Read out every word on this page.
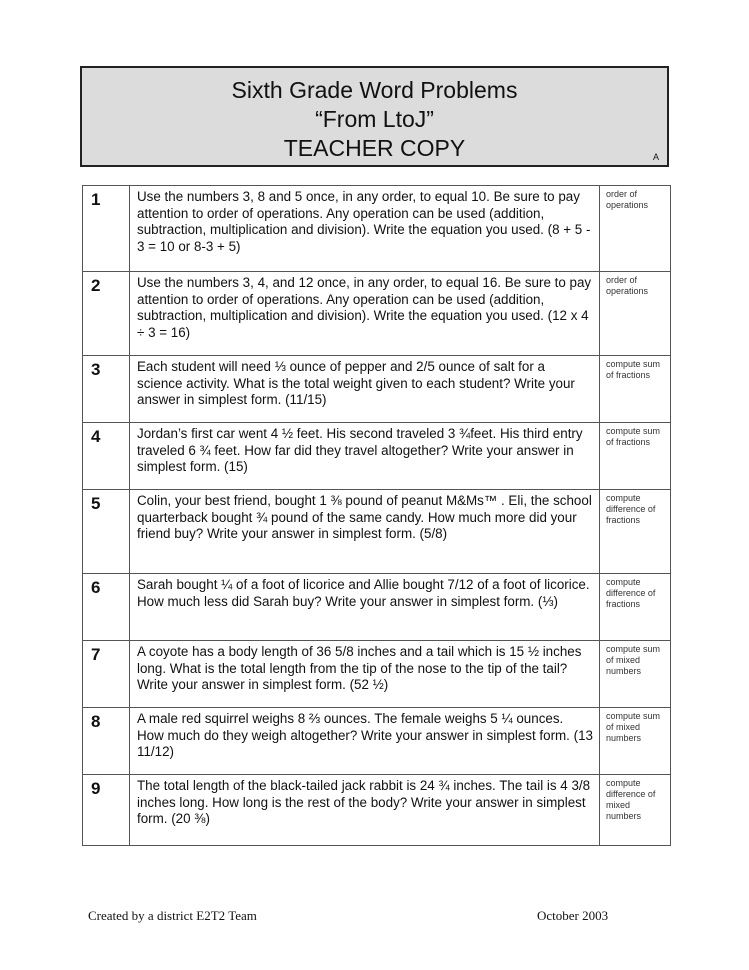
Sixth Grade Word Problems
“From LtoJ”
TEACHER COPY	A
1	Use the numbers 3, 8 and 5 once, in any order, to equal 10. Be sure to pay attention to order of operations. Any operation can be used (addition, subtraction, multiplication and division). Write the equation you used. (8 + 5 - 3 = 10 or 8-3 + 5)	order of operations
2	Use the numbers 3, 4, and 12 once, in any order, to equal 16. Be sure to pay attention to order of operations. Any operation can be used (addition, subtraction, multiplication and division). Write the equation you used. (12 x 4 ÷ 3 = 16)	order of operations
3	Each student will need ⅓ ounce of pepper and 2/5 ounce of salt for a science activity. What is the total weight given to each student? Write your answer in simplest form. (11/15)	compute sum of fractions
4	Jordan’s first car went 4 ½ feet. His second traveled 3 ¾feet. His third entry traveled 6 ¾ feet. How far did they travel altogether? Write your answer in simplest form. (15)	compute sum of fractions
5	Colin, your best friend, bought 1 ⅜ pound of peanut M&Ms™ . Eli, the school quarterback bought ¾ pound of the same candy. How much more did your friend buy? Write your answer in simplest form. (5/8)	compute difference of fractions
6	Sarah bought ¼ of a foot of licorice and Allie bought 7/12 of a foot of licorice. How much less did Sarah buy? Write your answer in simplest form. (⅓)	compute difference of fractions
7	A coyote has a body length of 36 5/8 inches and a tail which is 15 ½ inches long. What is the total length from the tip of the nose to the tip of the tail? Write your answer in simplest form. (52 ½)	compute sum of mixed numbers
8	A male red squirrel weighs 8 ⅔ ounces. The female weighs 5 ¼ ounces. How much do they weigh altogether? Write your answer in simplest form. (13 11/12)	compute sum of mixed numbers
9	The total length of the black-tailed jack rabbit is 24 ¾ inches. The tail is 4 3/8 inches long. How long is the rest of the body? Write your answer in simplest form. (20 ⅜)	compute difference of mixed numbers
Created by a district E2T2 Team	October 2003
